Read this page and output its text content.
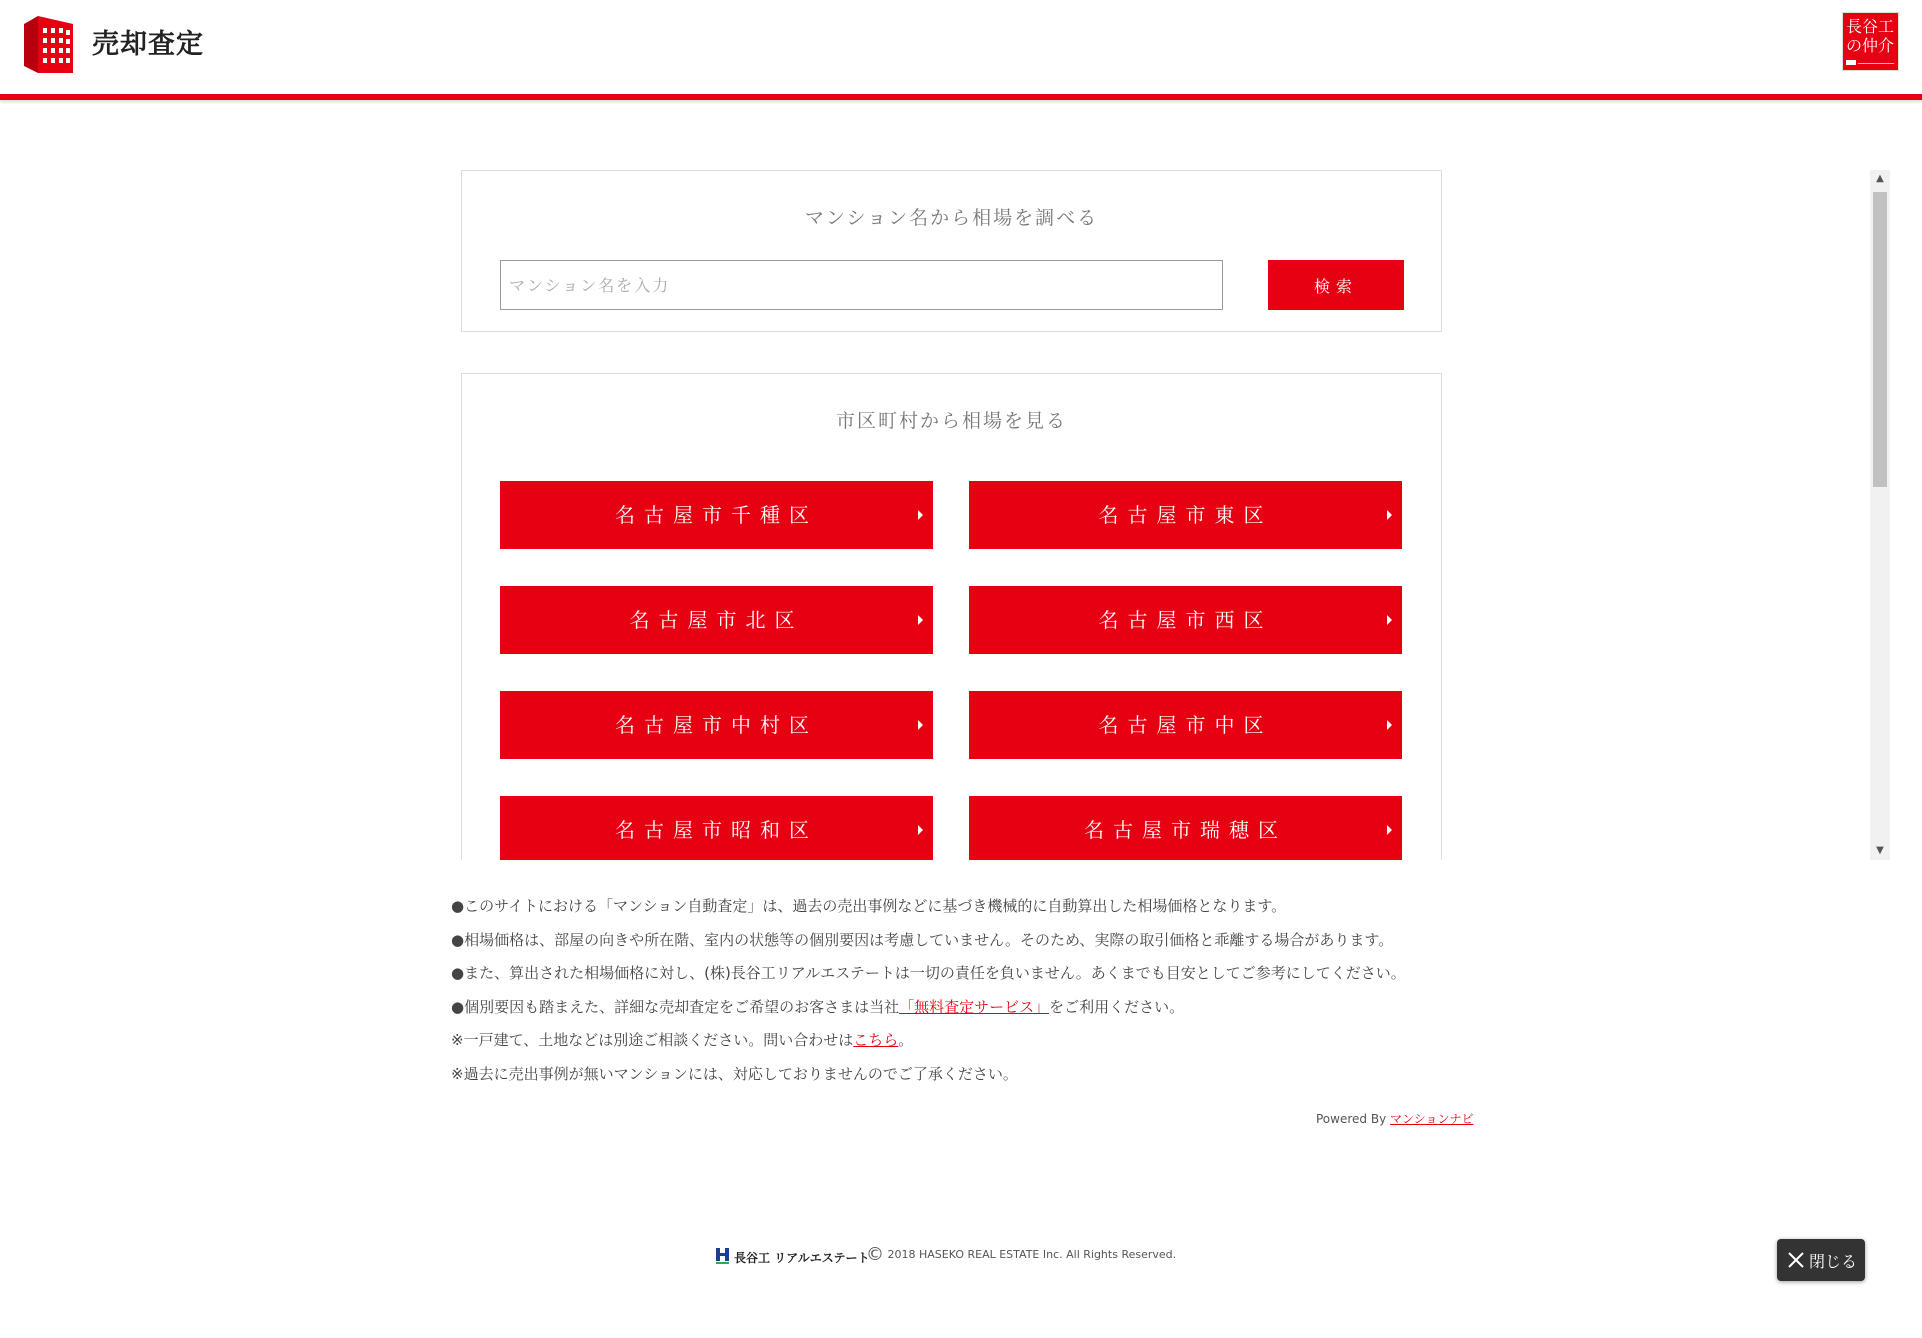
売却査定
長谷工
の仲介
マンション名から相場を調べる
マンション名を入力
検索
市区町村から相場を見る
名古屋市千種区	名古屋市東区
名古屋市北区	名古屋市西区
名古屋市中村区	名古屋市中区
名古屋市昭和区	名古屋市瑞穂区
▲
▼
●このサイトにおける「マンション自動査定」は、過去の売出事例などに基づき機械的に自動算出した相場価格となります。
●相場価格は、部屋の向きや所在階、室内の状態等の個別要因は考慮していません。そのため、実際の取引価格と乖離する場合があります。
●また、算出された相場価格に対し、(株)長谷工リアルエステートは一切の責任を負いません。あくまでも目安としてご参考にしてください。
●個別要因も踏まえた、詳細な売却査定をご希望のお客さまは当社「無料査定サービス」をご利用ください。
※一戸建て、土地などは別途ご相談ください。問い合わせはこちら。
※過去に売出事例が無いマンションには、対応しておりませんのでご了承ください。
Powered By マンションナビ
長谷工 リアルエステート
© 2018 HASEKO REAL ESTATE Inc. All Rights Reserved.	閉じる
